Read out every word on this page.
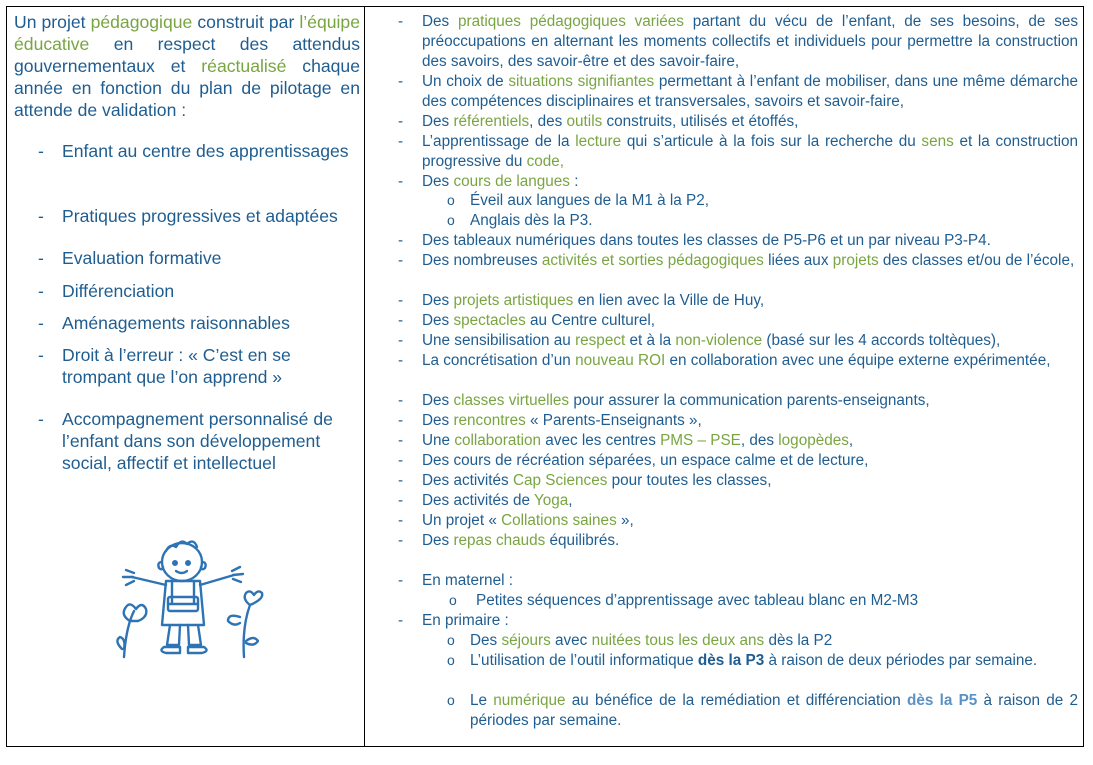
Un projet pédagogique construit par l’équipe éducative en respect des attendus gouvernementaux et réactualisé chaque année en fonction du plan de pilotage en attende de validation :
- Enfant au centre des apprentissages
- Pratiques progressives et adaptées
- Evaluation formative
- Différenciation
- Aménagements raisonnables
- Droit à l’erreur : « C’est en se trompant que l’on apprend »
- Accompagnement personnalisé de l’enfant dans son développement social, affectif et intellectuel
- Des pratiques pédagogiques variées partant du vécu de l’enfant, de ses besoins, de ses préoccupations en alternant les moments collectifs et individuels pour permettre la construction des savoirs, des savoir-être et des savoir-faire,
- Un choix de situations signifiantes permettant à l’enfant de mobiliser, dans une même démarche des compétences disciplinaires et transversales, savoirs et savoir-faire,
- Des référentiels, des outils construits, utilisés et étoffés,
- L’apprentissage de la lecture qui s’articule à la fois sur la recherche du sens et la construction progressive du code,
- Des cours de langues :
o Éveil aux langues de la M1 à la P2,
o Anglais dès la P3.
- Des tableaux numériques dans toutes les classes de P5-P6 et un par niveau P3-P4.
- Des nombreuses activités et sorties pédagogiques liées aux projets des classes et/ou de l’école,
- Des projets artistiques en lien avec la Ville de Huy,
- Des spectacles au Centre culturel,
- Une sensibilisation au respect et à la non-violence (basé sur les 4 accords toltèques),
- La concrétisation d’un nouveau ROI en collaboration avec une équipe externe expérimentée,
- Des classes virtuelles pour assurer la communication parents-enseignants,
- Des rencontres « Parents-Enseignants »,
- Une collaboration avec les centres PMS – PSE, des logopèdes,
- Des cours de récréation séparées, un espace calme et de lecture,
- Des activités Cap Sciences pour toutes les classes,
- Des activités de Yoga,
- Un projet « Collations saines »,
- Des repas chauds équilibrés.
- En maternel :
o Petites séquences d’apprentissage avec tableau blanc en M2-M3
- En primaire :
o Des séjours avec nuitées tous les deux ans dès la P2
o L’utilisation de l’outil informatique dès la P3 à raison de deux périodes par semaine.
o Le numérique au bénéfice de la remédiation et différenciation dès la P5 à raison de 2 périodes par semaine.
